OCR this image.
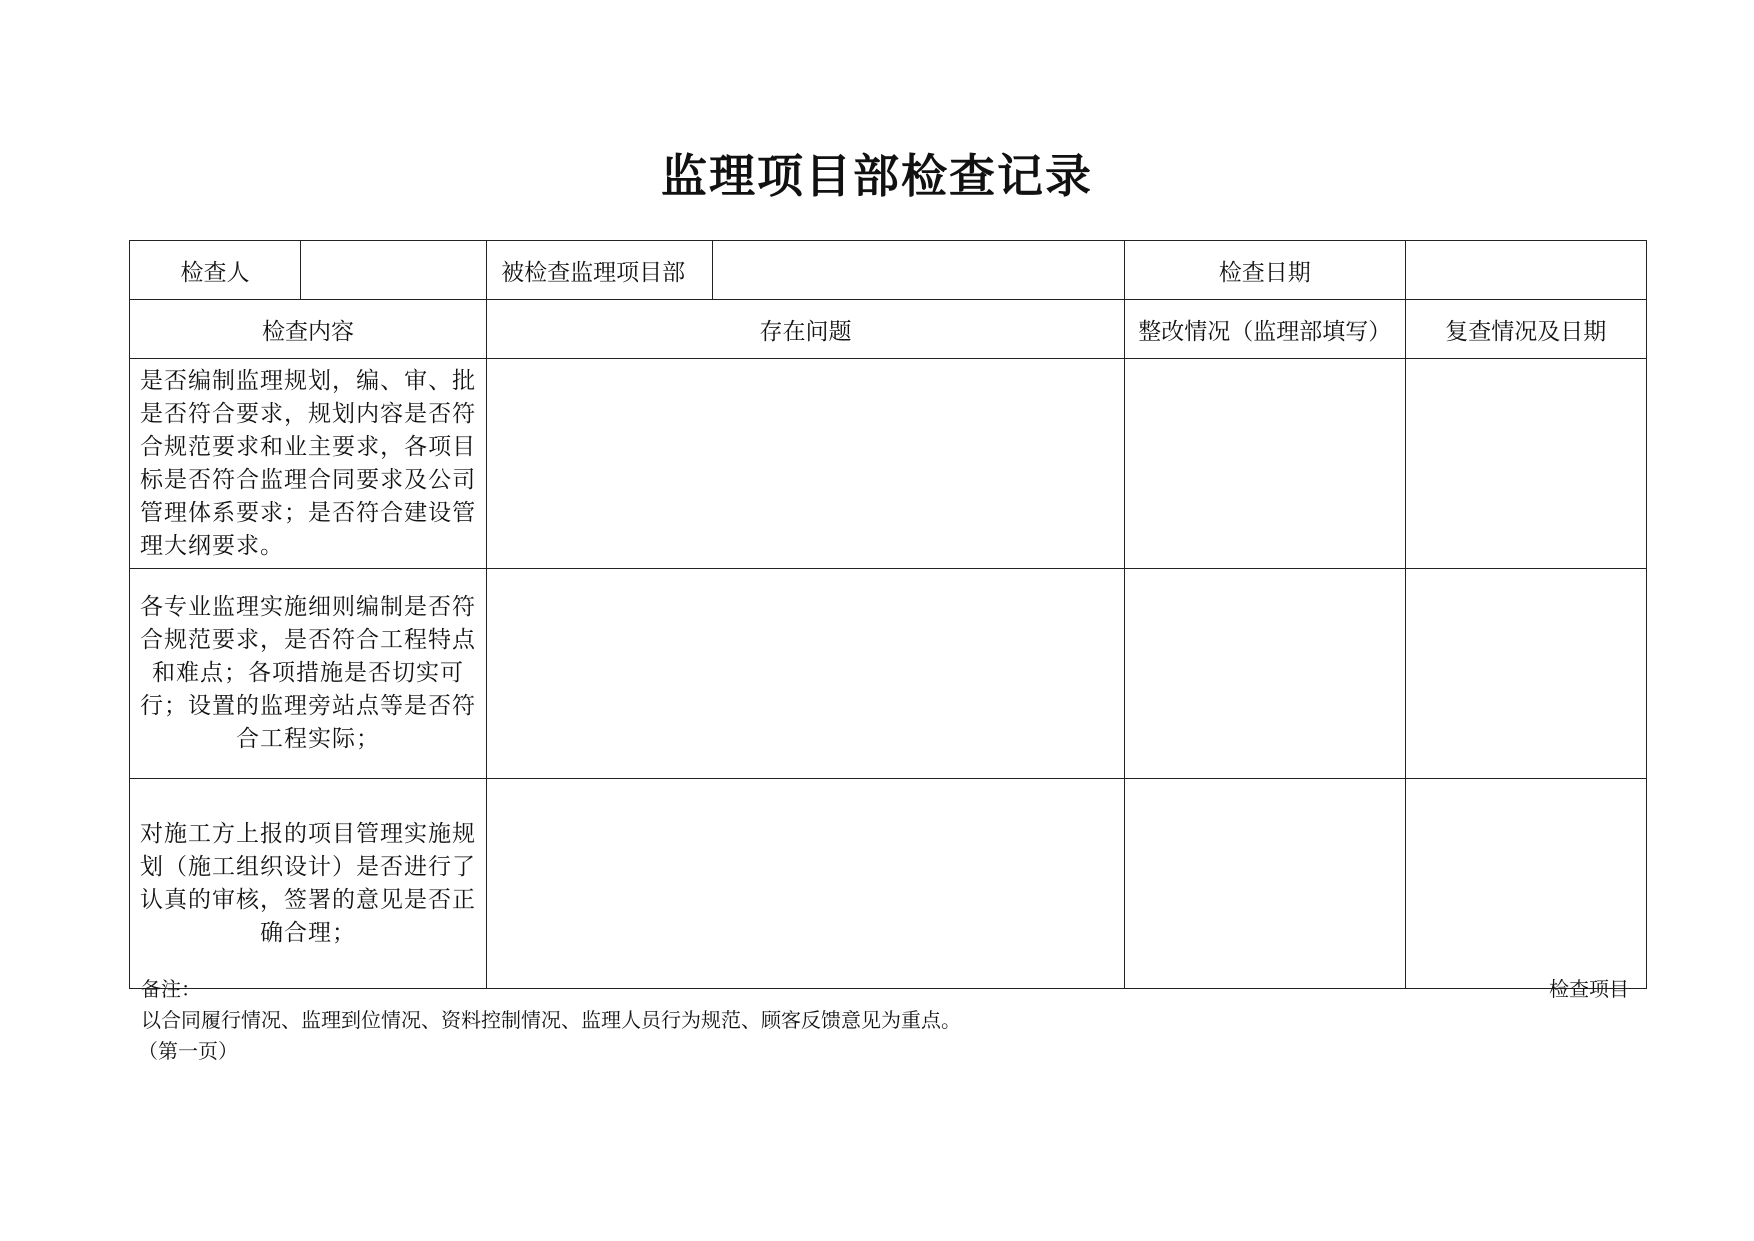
监理项目部检查记录
检查人		被检查监理项目部		检查日期	
检查内容		存在问题		整改情况（监理部填写）	复查情况及日期
是否编制监理规划，编、审、批是否符合要求，规划内容是否符合规范要求和业主要求，各项目标是否符合监理合同要求及公司管理体系要求；是否符合建设管理大纲要求。					
各专业监理实施细则编制是否符合规范要求，是否符合工程特点和难点；各项措施是否切实可行；设置的监理旁站点等是否符合工程实际；					
对施工方上报的项目管理实施规划（施工组织设计）是否进行了认真的审核，签署的意见是否正确合理；					
备注：	检查项目
以合同履行情况、监理到位情况、资料控制情况、监理人员行为规范、顾客反馈意见为重点。
（第一页）
